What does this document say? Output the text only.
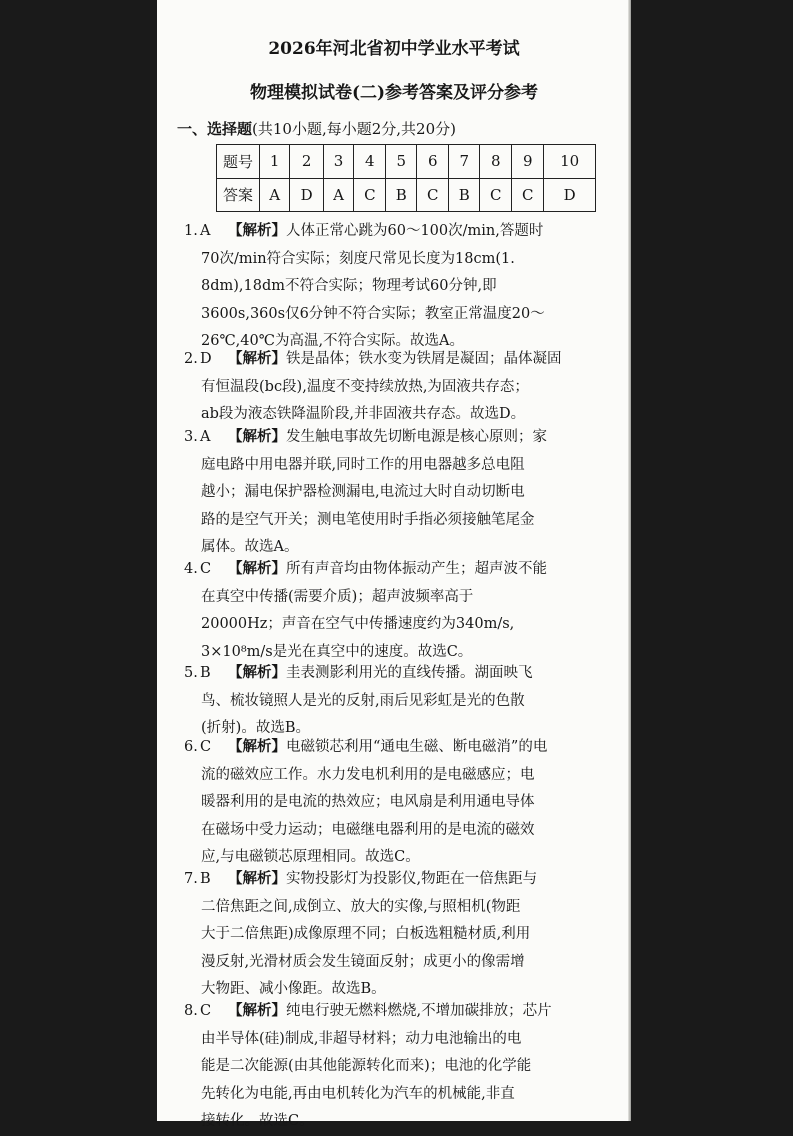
2026年河北省初中学业水平考试
物理模拟试卷(二)参考答案及评分参考
一、选择题(共10小题,每小题2分,共20分)
题号	1	2	3	4	5	6	7	8	9	10
答案	A	D	A	C	B	C	B	C	C	D
1. A 【解析】人体正常心跳为60～100次/min,答题时
70次/min符合实际；刻度尺常见长度为18cm(1.
8dm),18dm不符合实际；物理考试60分钟,即
3600s,360s仅6分钟不符合实际；教室正常温度20～
26℃,40℃为高温,不符合实际。故选A。
2. D 【解析】铁是晶体；铁水变为铁屑是凝固；晶体凝固
有恒温段(bc段),温度不变持续放热,为固液共存态；
ab段为液态铁降温阶段,并非固液共存态。故选D。
3. A 【解析】发生触电事故先切断电源是核心原则；家
庭电路中用电器并联,同时工作的用电器越多总电阻
越小；漏电保护器检测漏电,电流过大时自动切断电
路的是空气开关；测电笔使用时手指必须接触笔尾金
属体。故选A。
4. C 【解析】所有声音均由物体振动产生；超声波不能
在真空中传播(需要介质)；超声波频率高于
20000Hz；声音在空气中传播速度约为340m/s,
3×10⁸m/s是光在真空中的速度。故选C。
5. B 【解析】圭表测影利用光的直线传播。湖面映飞
鸟、梳妆镜照人是光的反射,雨后见彩虹是光的色散
(折射)。故选B。
6. C 【解析】电磁锁芯利用“通电生磁、断电磁消”的电
流的磁效应工作。水力发电机利用的是电磁感应；电
暖器利用的是电流的热效应；电风扇是利用通电导体
在磁场中受力运动；电磁继电器利用的是电流的磁效
应,与电磁锁芯原理相同。故选C。
7. B 【解析】实物投影灯为投影仪,物距在一倍焦距与
二倍焦距之间,成倒立、放大的实像,与照相机(物距
大于二倍焦距)成像原理不同；白板选粗糙材质,利用
漫反射,光滑材质会发生镜面反射；成更小的像需增
大物距、减小像距。故选B。
8. C 【解析】纯电行驶无燃料燃烧,不增加碳排放；芯片
由半导体(硅)制成,非超导材料；动力电池输出的电
能是二次能源(由其他能源转化而来)；电池的化学能
先转化为电能,再由电机转化为汽车的机械能,非直
接转化。故选C。
